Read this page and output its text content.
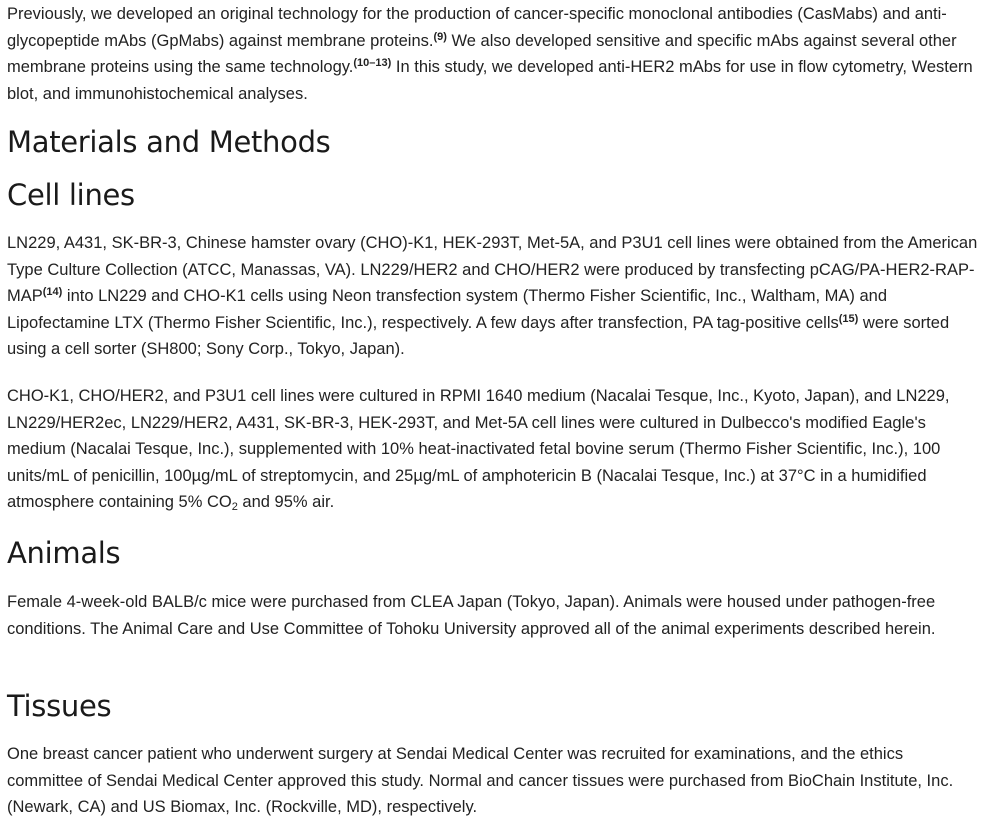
Previously, we developed an original technology for the production of cancer-specific monoclonal antibodies (CasMabs) and anti-glycopeptide mAbs (GpMabs) against membrane proteins.$^{(9)}$ We also developed sensitive and specific mAbs against several other membrane proteins using the same technology.$^{(10-13)}$ In this study, we developed anti-HER2 mAbs for use in flow cytometry, Western blot, and immunohistochemical analyses.

Materials and Methods
Cell lines

LN229, A431, SK-BR-3, Chinese hamster ovary (CHO)-K1, HEK-293T, Met-5A, and P3U1 cell lines were obtained from the American Type Culture Collection (ATCC, Manassas, VA). LN229/HER2 and CHO/HER2 were produced by transfecting pCAG/PA-HER2-RAP-MAP$^{(14)}$ into LN229 and CHO-K1 cells using Neon transfection system (Thermo Fisher Scientific, Inc., Waltham, MA) and Lipofectamine LTX (Thermo Fisher Scientific, Inc.), respectively. A few days after transfection, PA tag-positive cells$^{(15)}$ were sorted using a cell sorter (SH800; Sony Corp., Tokyo, Japan).

CHO-K1, CHO/HER2, and P3U1 cell lines were cultured in RPMI 1640 medium (Nacalai Tesque, Inc., Kyoto, Japan), and LN229, LN229/HER2ec, LN229/HER2, A431, SK-BR-3, HEK-293T, and Met-5A cell lines were cultured in Dulbecco's modified Eagle's medium (Nacalai Tesque, Inc.), supplemented with 10% heat-inactivated fetal bovine serum (Thermo Fisher Scientific, Inc.), 100 units/mL of penicillin, 100µg/mL of streptomycin, and 25µg/mL of amphotericin B (Nacalai Tesque, Inc.) at 37°C in a humidified atmosphere containing 5% $CO_2$ and 95% air.

Animals

Female 4-week-old BALB/c mice were purchased from CLEA Japan (Tokyo, Japan). Animals were housed under pathogen-free conditions. The Animal Care and Use Committee of Tohoku University approved all of the animal experiments described herein.

Tissues

One breast cancer patient who underwent surgery at Sendai Medical Center was recruited for examinations, and the ethics committee of Sendai Medical Center approved this study. Normal and cancer tissues were purchased from BioChain Institute, Inc. (Newark, CA) and US Biomax, Inc. (Rockville, MD), respectively.
